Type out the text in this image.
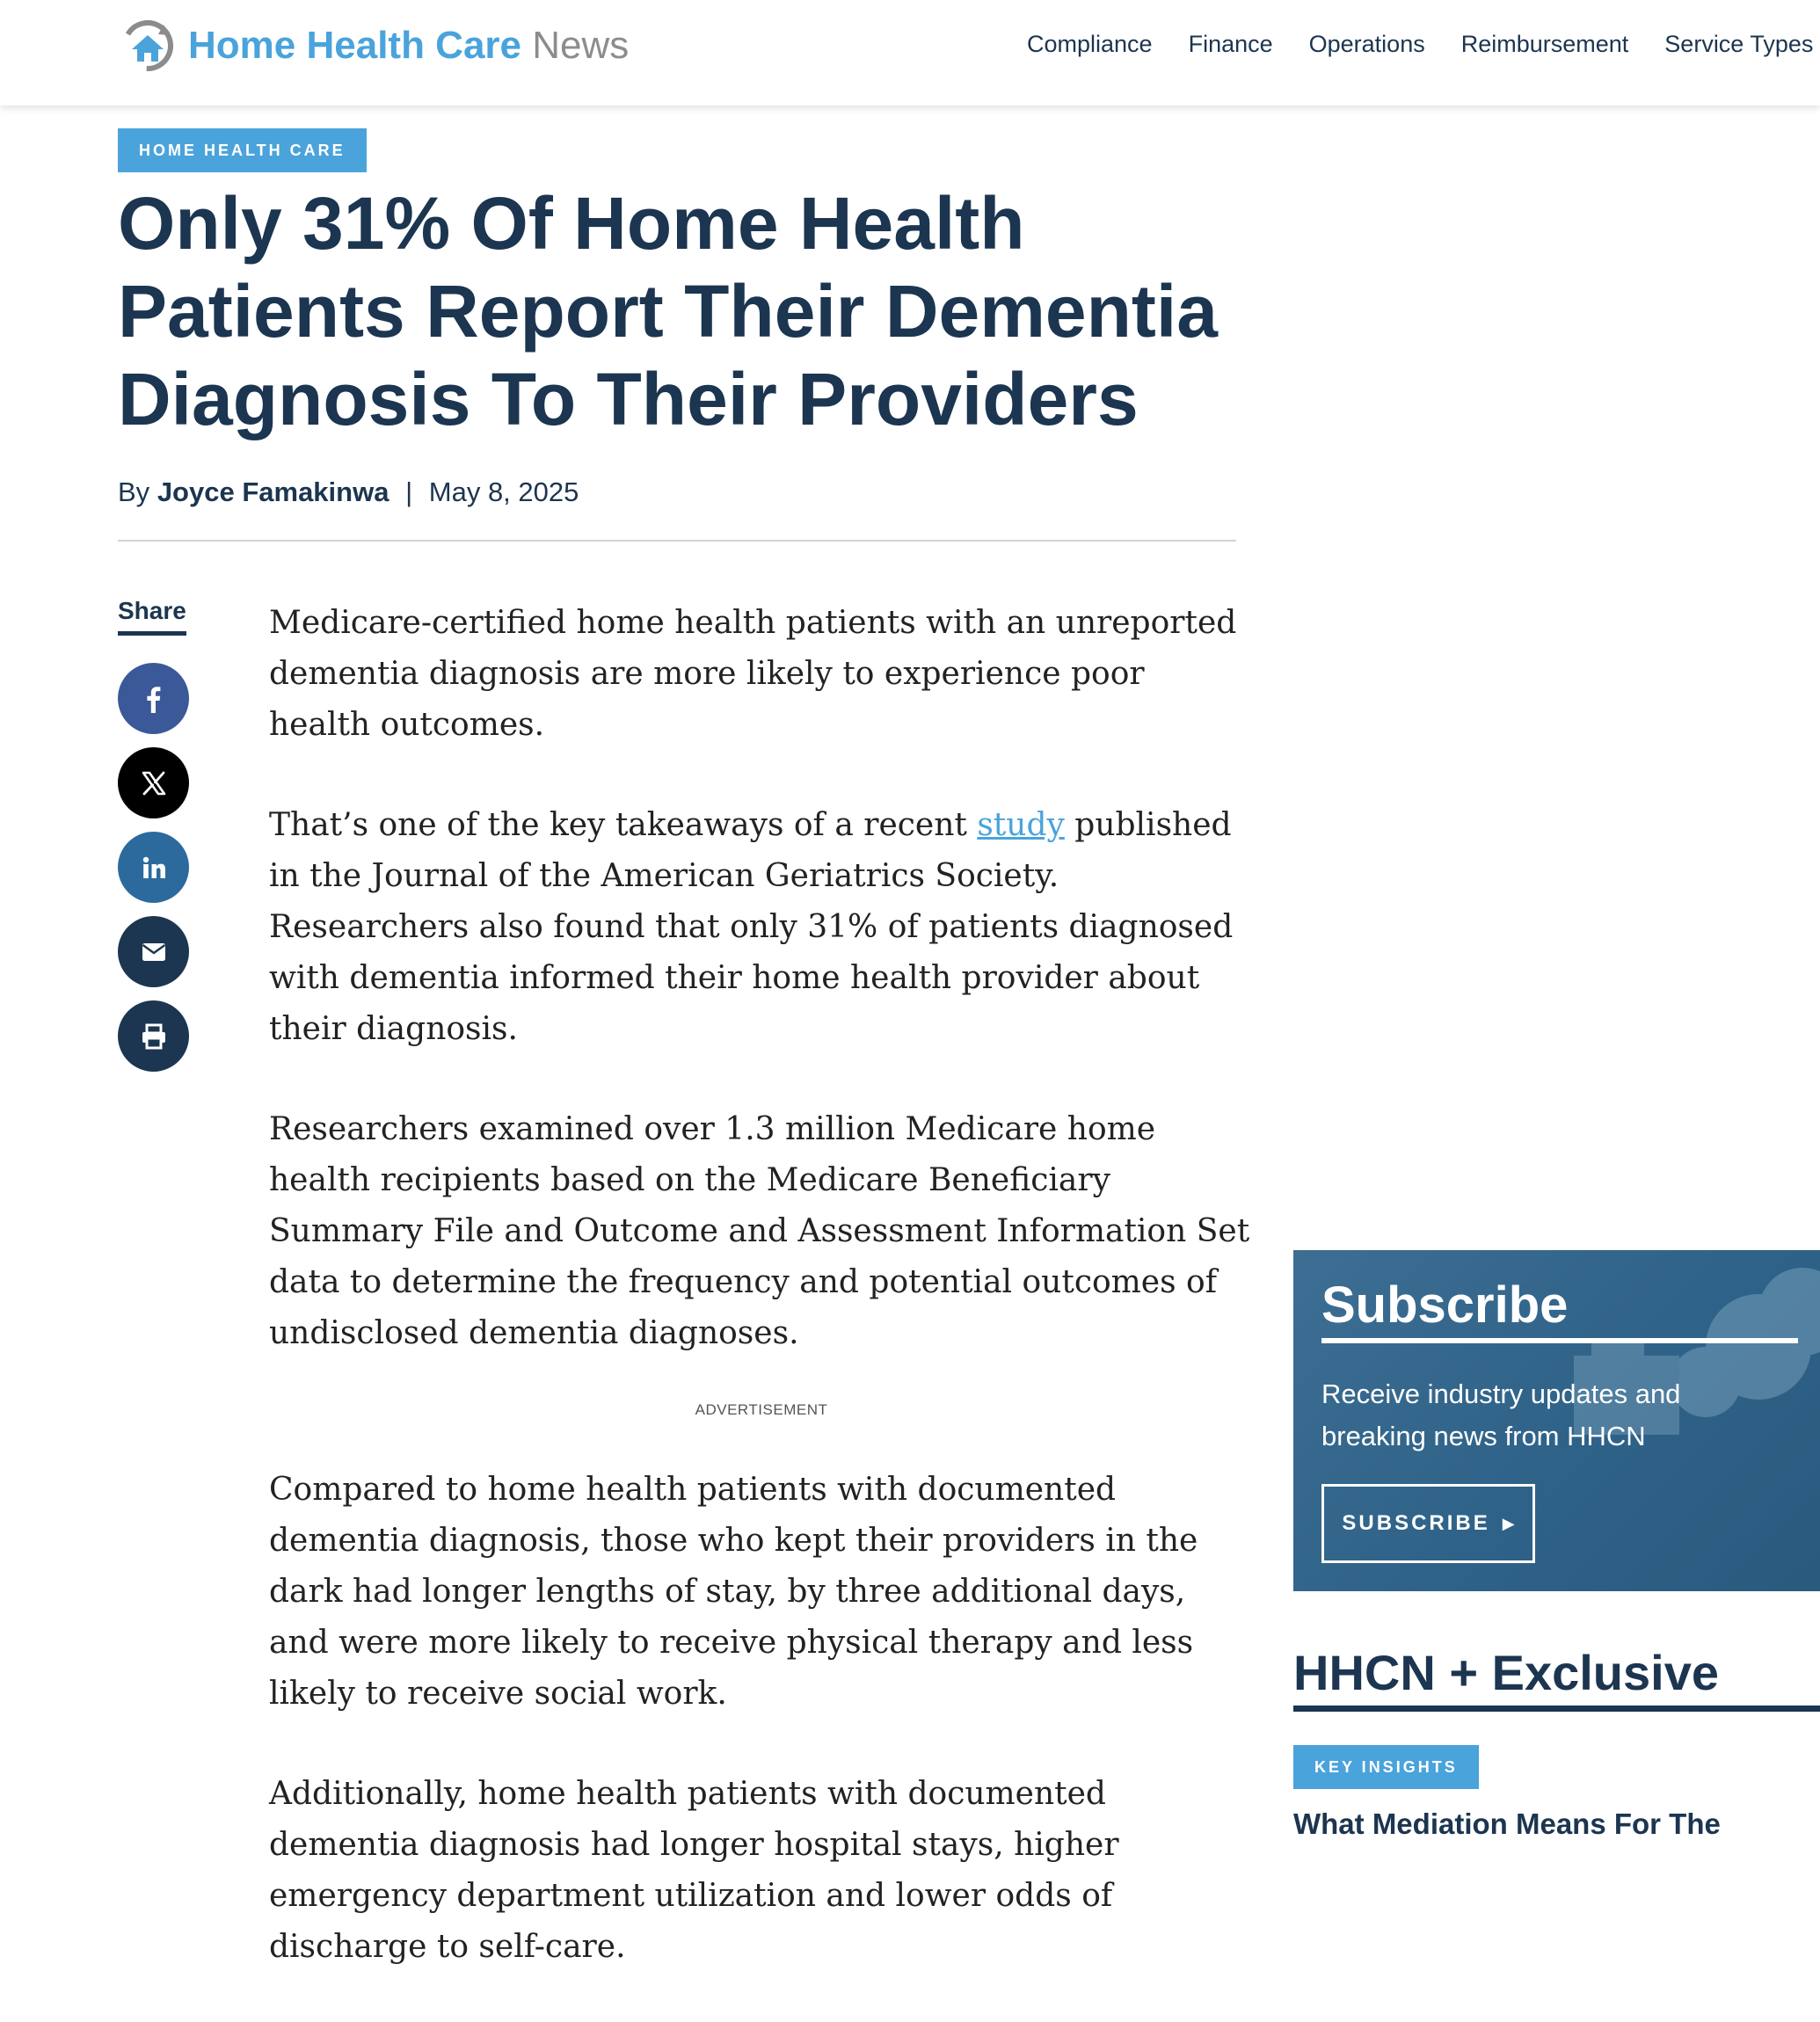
Home Health Care News	Compliance Finance Operations Reimbursement Service Types
HOME HEALTH CARE
Only 31% Of Home Health Patients Report Their Dementia Diagnosis To Their Providers
By Joyce Famakinwa | May 8, 2025
Share	Medicare-certified home health patients with an unreported dementia diagnosis are more likely to experience poor health outcomes.

That’s one of the key takeaways of a recent study published in the Journal of the American Geriatrics Society. Researchers also found that only 31% of patients diagnosed with dementia informed their home health provider about their diagnosis.

Researchers examined over 1.3 million Medicare home health recipients based on the Medicare Beneficiary Summary File and Outcome and Assessment Information Set data to determine the frequency and potential outcomes of undisclosed dementia diagnoses.

ADVERTISEMENT

Compared to home health patients with documented dementia diagnosis, those who kept their providers in the dark had longer lengths of stay, by three additional days, and were more likely to receive physical therapy and less likely to receive social work.

Additionally, home health patients with documented dementia diagnosis had longer hospital stays, higher emergency department utilization and lower odds of discharge to self-care.

Subscribe
Receive industry updates and breaking news from HHCN
SUBSCRIBE ▶
HHCN + Exclusive
KEY INSIGHTS
What Mediation Means For The
